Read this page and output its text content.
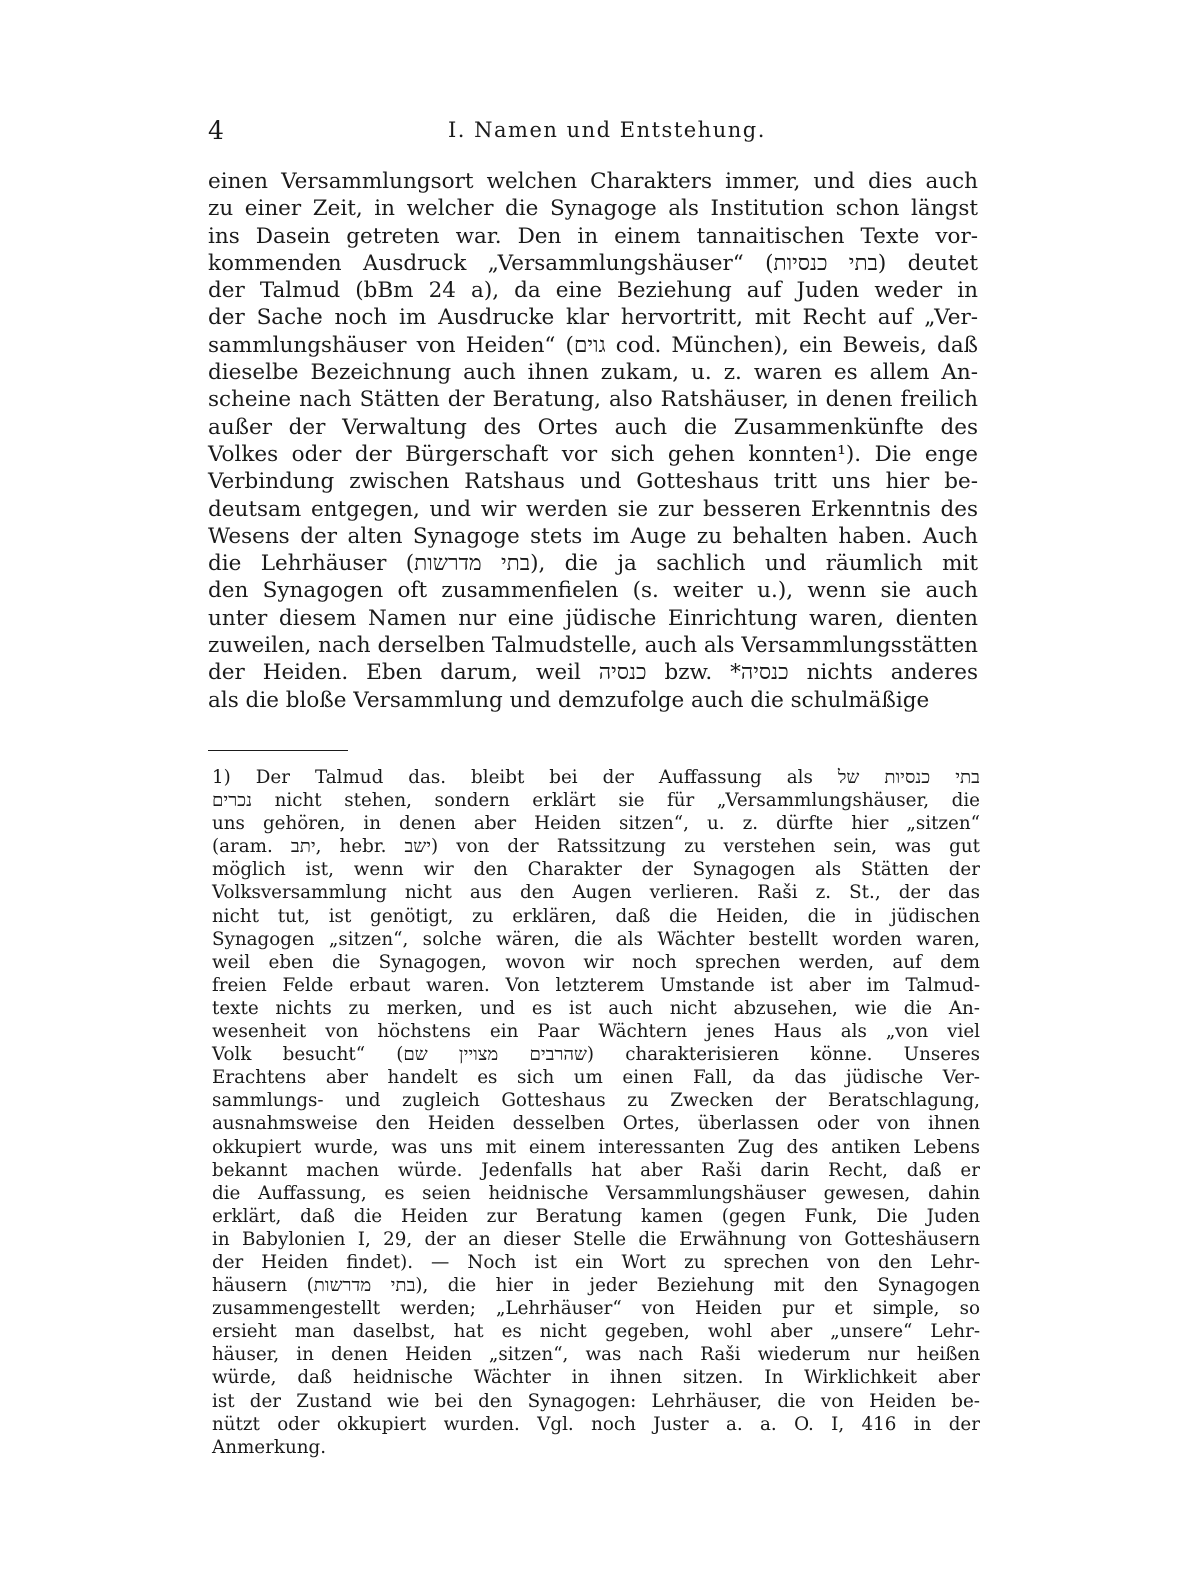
4	I. Namen und Entstehung.
einen Versammlungsort welchen Charakters immer, und dies auch
zu einer Zeit, in welcher die Synagoge als Institution schon längst
ins Dasein getreten war. Den in einem tannaitischen Texte vor-
kommenden Ausdruck „Versammlungshäuser“ (בתי כנסיות) deutet
der Talmud (bBm 24 a), da eine Beziehung auf Juden weder in
der Sache noch im Ausdrucke klar hervortritt, mit Recht auf „Ver-
sammlungshäuser von Heiden“ (גוים cod. München), ein Beweis, daß
dieselbe Bezeichnung auch ihnen zukam, u. z. waren es allem An-
scheine nach Stätten der Beratung, also Ratshäuser, in denen freilich
außer der Verwaltung des Ortes auch die Zusammenkünfte des
Volkes oder der Bürgerschaft vor sich gehen konnten¹). Die enge
Verbindung zwischen Ratshaus und Gotteshaus tritt uns hier be-
deutsam entgegen, und wir werden sie zur besseren Erkenntnis des
Wesens der alten Synagoge stets im Auge zu behalten haben. Auch
die Lehrhäuser (בתי מדרשות), die ja sachlich und räumlich mit
den Synagogen oft zusammenfielen (s. weiter u.), wenn sie auch
unter diesem Namen nur eine jüdische Einrichtung waren, dienten
zuweilen, nach derselben Talmudstelle, auch als Versammlungsstätten
der Heiden. Eben darum, weil כנסיה bzw. *כנסיה nichts anderes
als die bloße Versammlung und demzufolge auch die schulmäßige
1) Der Talmud das. bleibt bei der Auffassung als בתי כנסיות של
נכרים nicht stehen, sondern erklärt sie für „Versammlungshäuser, die
uns gehören, in denen aber Heiden sitzen“, u. z. dürfte hier „sitzen“
(aram. יתב, hebr. ישב) von der Ratssitzung zu verstehen sein, was gut
möglich ist, wenn wir den Charakter der Synagogen als Stätten der
Volksversammlung nicht aus den Augen verlieren. Raši z. St., der das
nicht tut, ist genötigt, zu erklären, daß die Heiden, die in jüdischen
Synagogen „sitzen“, solche wären, die als Wächter bestellt worden waren,
weil eben die Synagogen, wovon wir noch sprechen werden, auf dem
freien Felde erbaut waren. Von letzterem Umstande ist aber im Talmud-
texte nichts zu merken, und es ist auch nicht abzusehen, wie die An-
wesenheit von höchstens ein Paar Wächtern jenes Haus als „von viel
Volk besucht“ (שהרבים מצויין שם) charakterisieren könne. Unseres
Erachtens aber handelt es sich um einen Fall, da das jüdische Ver-
sammlungs- und zugleich Gotteshaus zu Zwecken der Beratschlagung,
ausnahmsweise den Heiden desselben Ortes, überlassen oder von ihnen
okkupiert wurde, was uns mit einem interessanten Zug des antiken Lebens
bekannt machen würde. Jedenfalls hat aber Raši darin Recht, daß er
die Auffassung, es seien heidnische Versammlungshäuser gewesen, dahin
erklärt, daß die Heiden zur Beratung kamen (gegen Funk, Die Juden
in Babylonien I, 29, der an dieser Stelle die Erwähnung von Gotteshäusern
der Heiden findet). — Noch ist ein Wort zu sprechen von den Lehr-
häusern (בתי מדרשות), die hier in jeder Beziehung mit den Synagogen
zusammengestellt werden; „Lehrhäuser“ von Heiden pur et simple, so
ersieht man daselbst, hat es nicht gegeben, wohl aber „unsere“ Lehr-
häuser, in denen Heiden „sitzen“, was nach Raši wiederum nur heißen
würde, daß heidnische Wächter in ihnen sitzen. In Wirklichkeit aber
ist der Zustand wie bei den Synagogen: Lehrhäuser, die von Heiden be-
nützt oder okkupiert wurden. Vgl. noch Juster a. a. O. I, 416 in der
Anmerkung.
